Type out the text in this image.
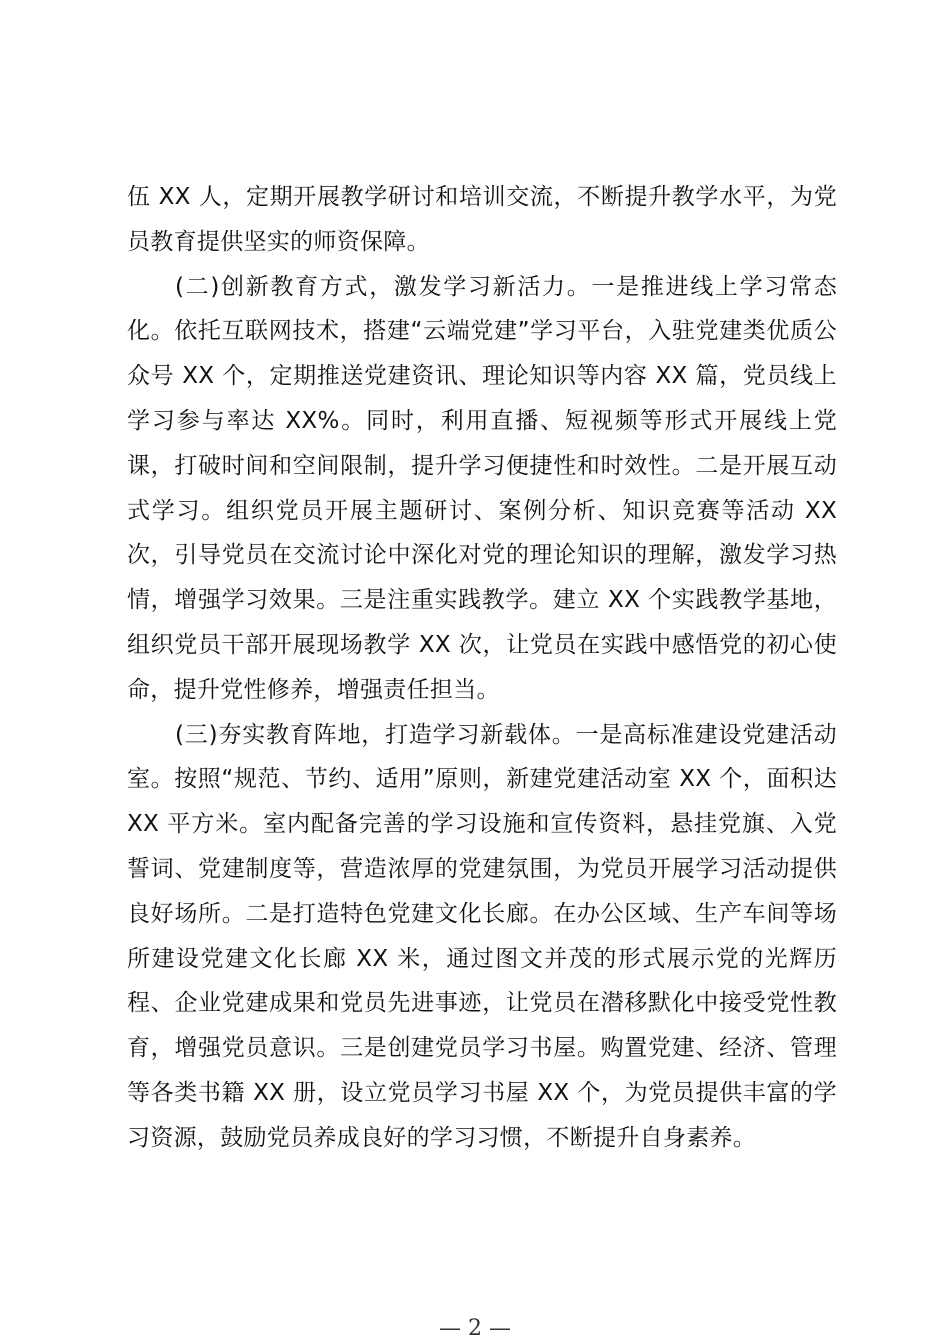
伍 XX 人，定期开展教学研讨和培训交流，不断提升教学水平，为党员教育提供坚实的师资保障。

(二)创新教育方式，激发学习新活力。一是推进线上学习常态化。依托互联网技术，搭建“云端党建”学习平台，入驻党建类优质公众号 XX 个，定期推送党建资讯、理论知识等内容 XX 篇，党员线上学习参与率达 XX%。同时，利用直播、短视频等形式开展线上党课，打破时间和空间限制，提升学习便捷性和时效性。二是开展互动式学习。组织党员开展主题研讨、案例分析、知识竞赛等活动 XX 次，引导党员在交流讨论中深化对党的理论知识的理解，激发学习热情，增强学习效果。三是注重实践教学。建立 XX 个实践教学基地，组织党员干部开展现场教学 XX 次，让党员在实践中感悟党的初心使命，提升党性修养，增强责任担当。

(三)夯实教育阵地，打造学习新载体。一是高标准建设党建活动室。按照“规范、节约、适用”原则，新建党建活动室 XX 个，面积达 XX 平方米。室内配备完善的学习设施和宣传资料，悬挂党旗、入党誓词、党建制度等，营造浓厚的党建氛围，为党员开展学习活动提供良好场所。二是打造特色党建文化长廊。在办公区域、生产车间等场所建设党建文化长廊 XX 米，通过图文并茂的形式展示党的光辉历程、企业党建成果和党员先进事迹，让党员在潜移默化中接受党性教育，增强党员意识。三是创建党员学习书屋。购置党建、经济、管理等各类书籍 XX 册，设立党员学习书屋 XX 个，为党员提供丰富的学习资源，鼓励党员养成良好的学习习惯，不断提升自身素养。

— 2 —
